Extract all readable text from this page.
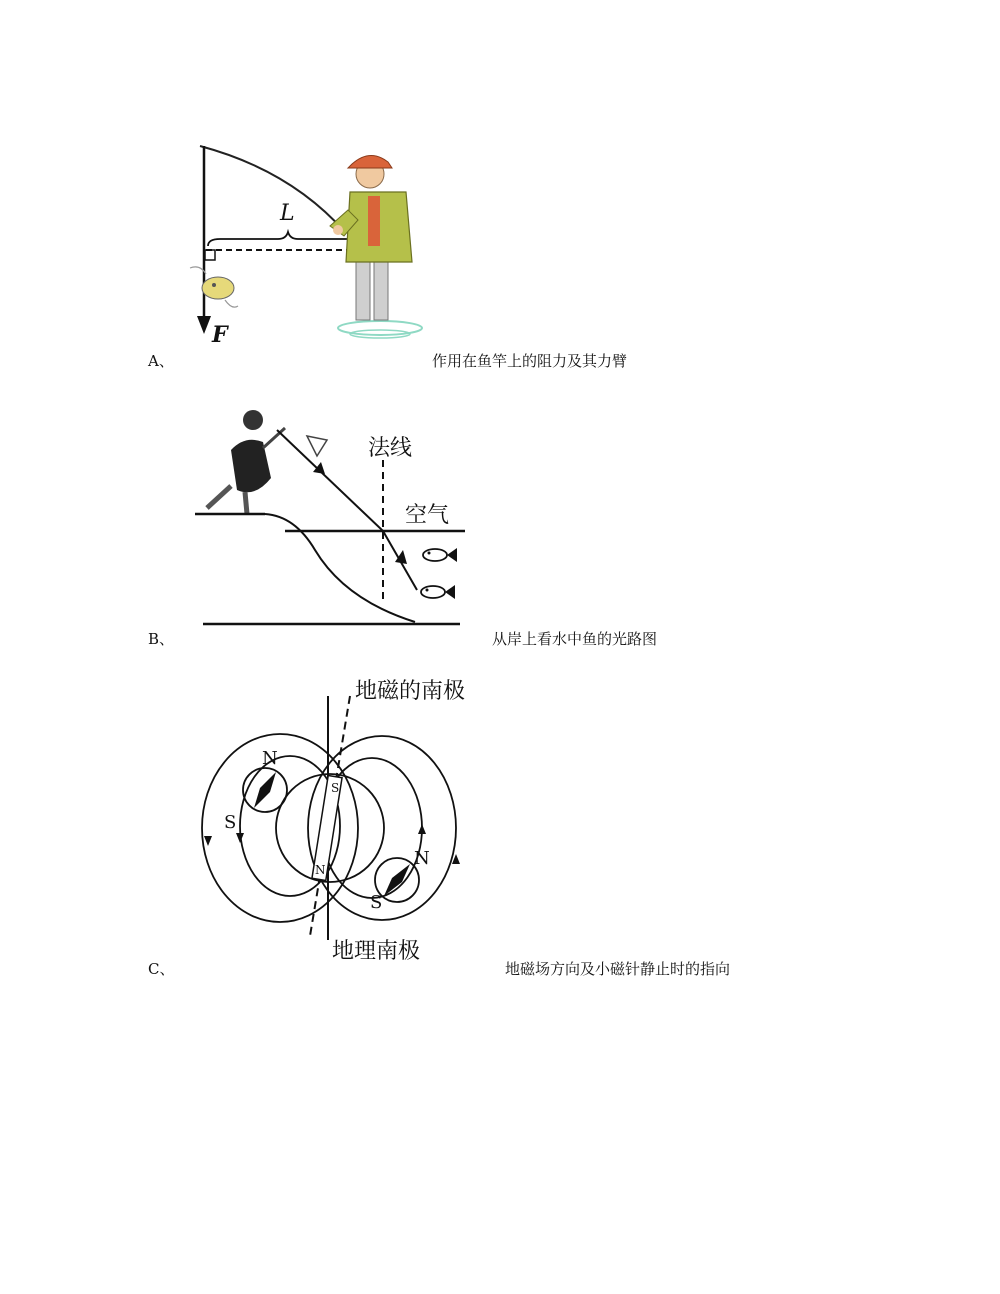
L
F
A、	作用在鱼竿上的阻力及其力臂
法线
空气
B、	从岸上看水中鱼的光路图
地磁的南极
地理南极
S
N
N
S
N
S
C、	地磁场方向及小磁针静止时的指向
